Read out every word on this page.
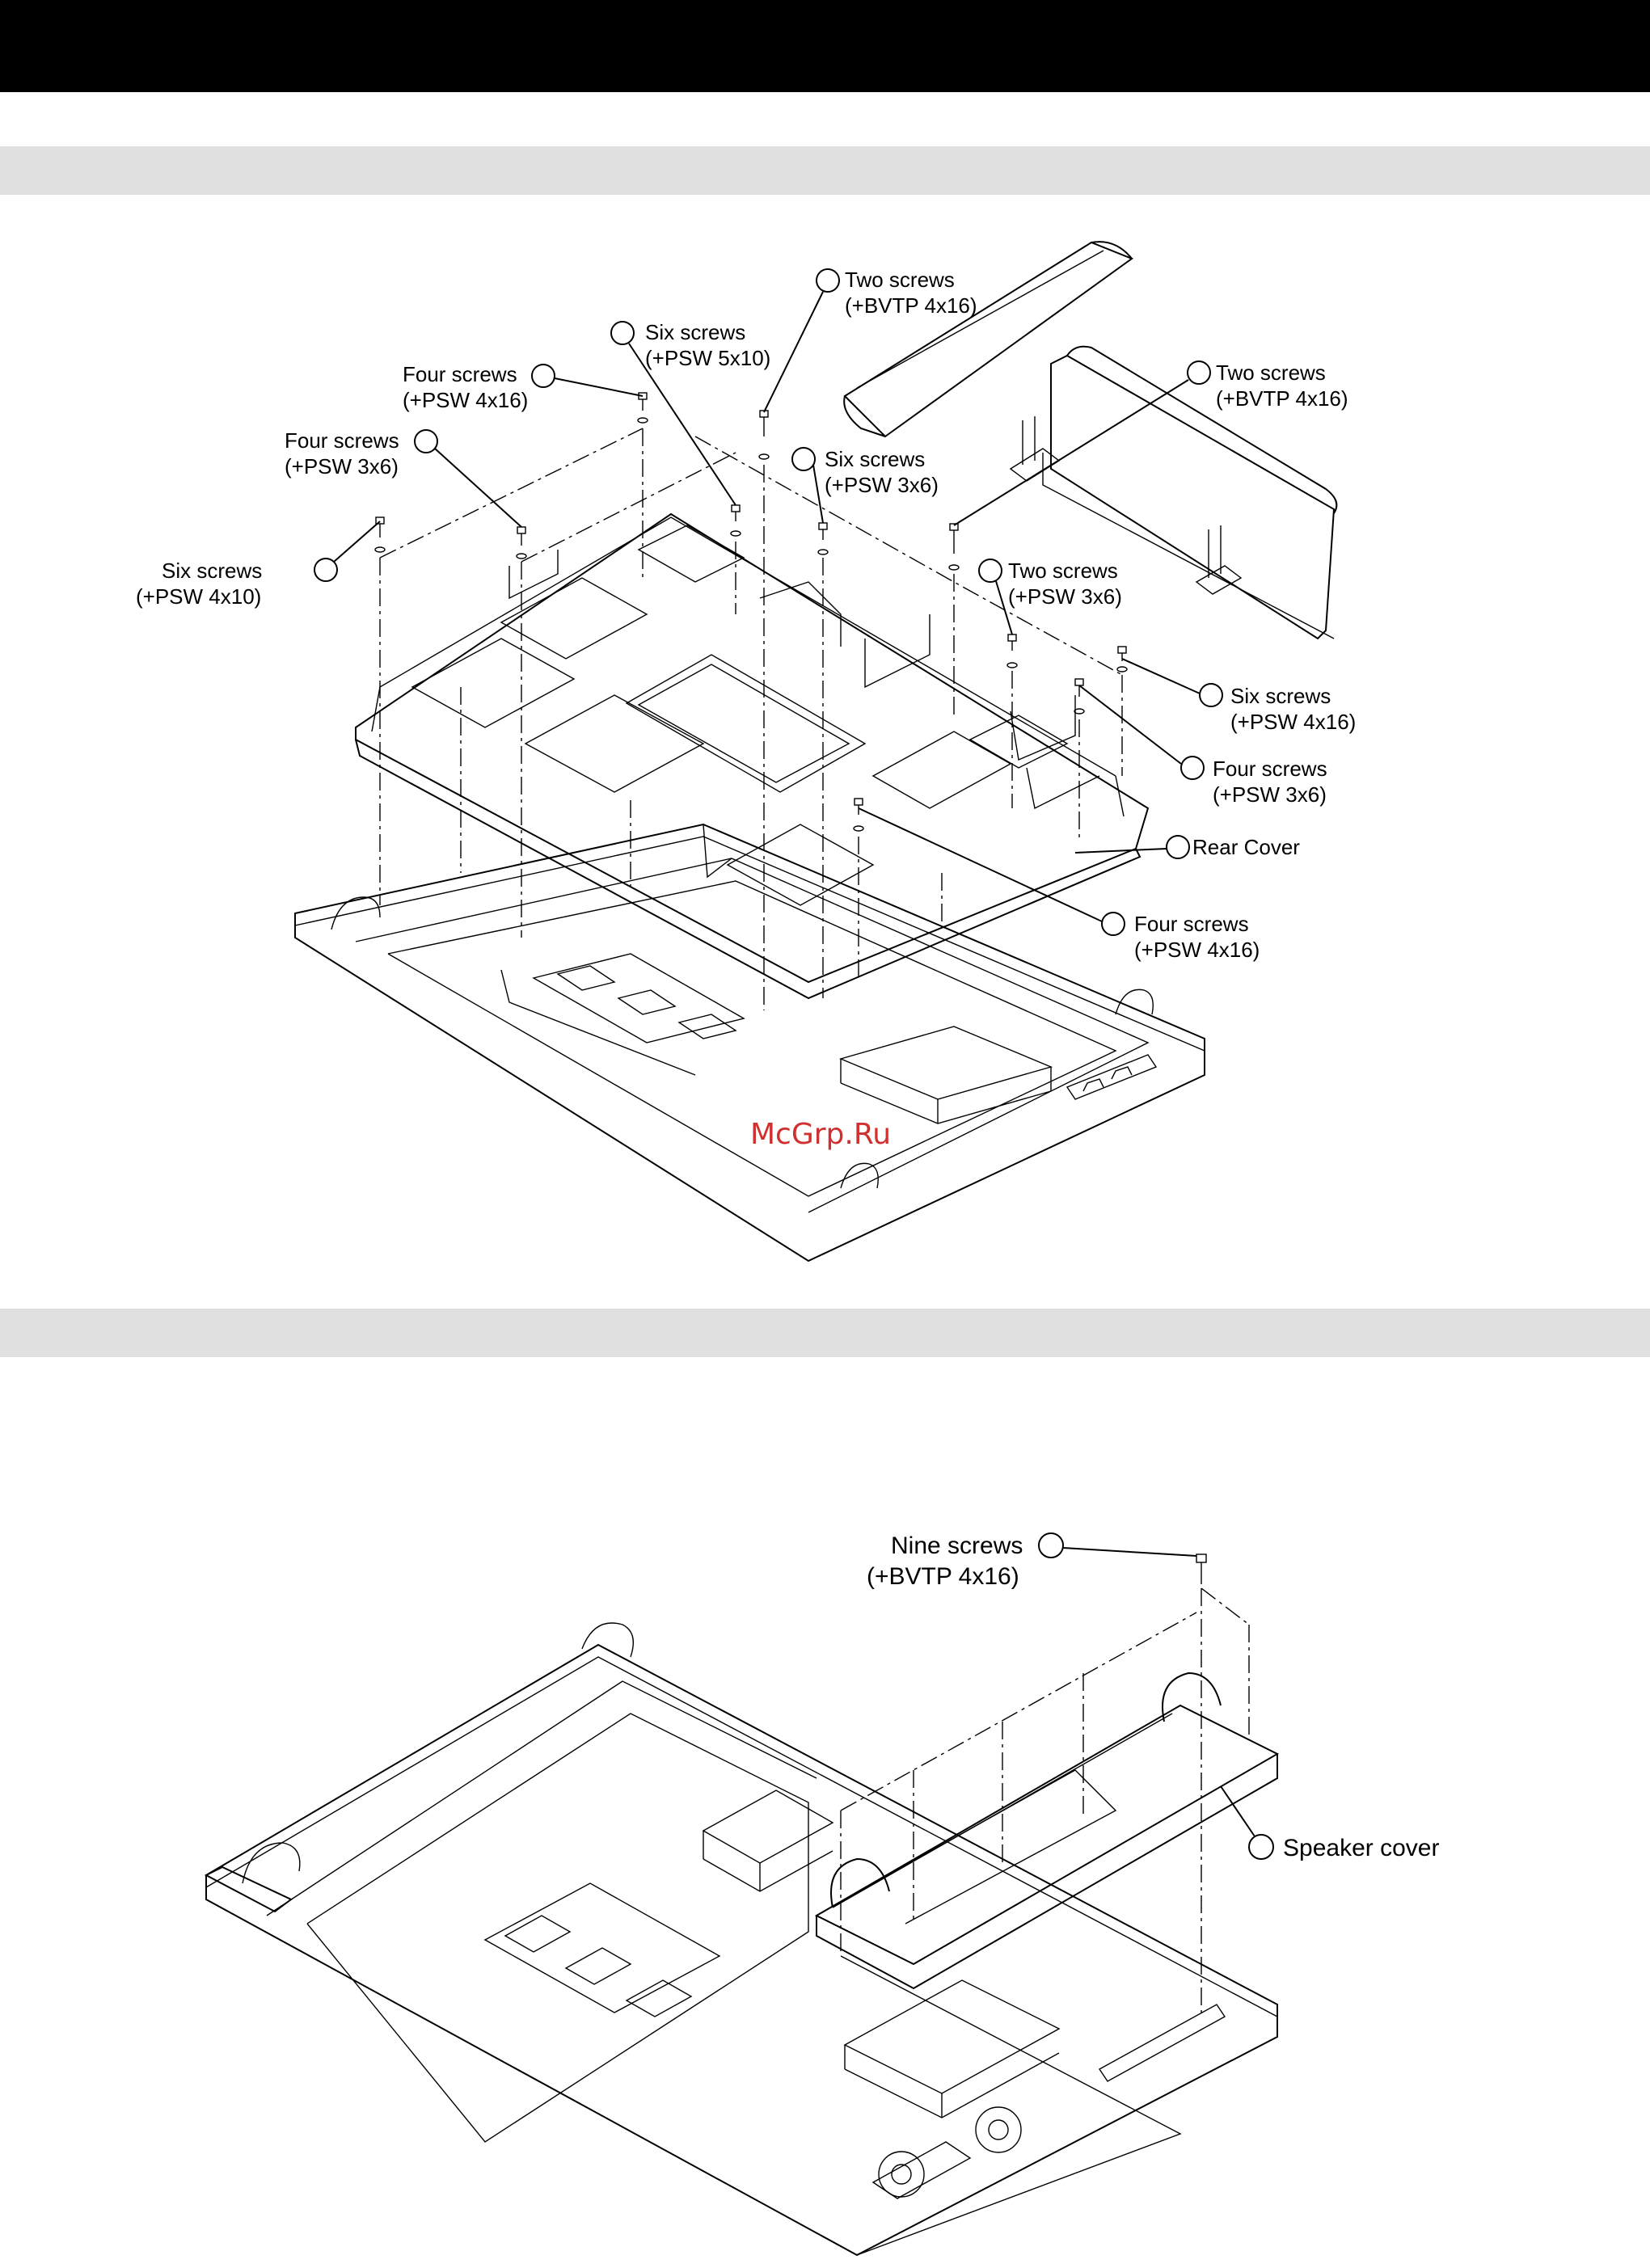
Two screws
(+BVTP 4x16)
Six screws
(+PSW 5x10)
Four screws
(+PSW 4x16)
Two screws
(+BVTP 4x16)
Four screws
(+PSW 3x6)	Six screws
(+PSW 3x6)
Six screws
(+PSW 4x10)
Two screws
(+PSW 3x6)
Six screws
(+PSW 4x16)
Four screws
(+PSW 3x6)
Rear Cover
Four screws
(+PSW 4x16)
McGrp.Ru
Nine screws
(+BVTP 4x16)
Speaker cover
